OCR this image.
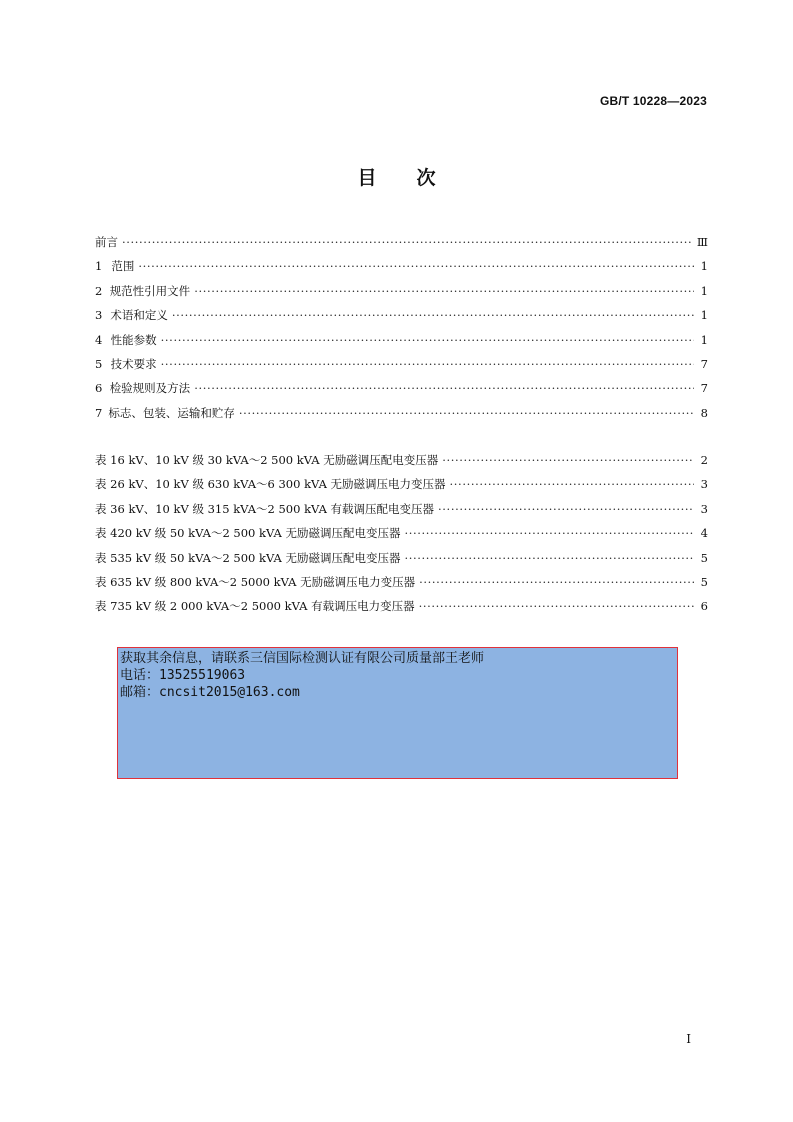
GB/T 10228—2023
目次
前言 ·····	Ⅲ
1 范围 ·····	1
2 规范性引用文件 ·····	1
3 术语和定义 ·····	1
4 性能参数 ·····	1
5 技术要求 ·····	7
6 检验规则及方法 ·····	7
7 标志、包装、运输和贮存 ·····	8
表 1 6 kV、10 kV 级 30 kVA～2 500 kVA 无励磁调压配电变压器 ·····	2
表 2 6 kV、10 kV 级 630 kVA～6 300 kVA 无励磁调压电力变压器 ·····	3
表 3 6 kV、10 kV 级 315 kVA～2 500 kVA 有载调压配电变压器 ·····	3
表 4 20 kV 级 50 kVA～2 500 kVA 无励磁调压配电变压器 ·····	4
表 5 35 kV 级 50 kVA～2 500 kVA 无励磁调压配电变压器 ·····	5
表 6 35 kV 级 800 kVA～2 5000 kVA 无励磁调压电力变压器 ·····	5
表 7 35 kV 级 2 000 kVA～2 5000 kVA 有载调压电力变压器 ·····	6
获取其余信息，请联系三信国际检测认证有限公司质量部王老师
电话：13525519063
邮箱：cncsit2015@163.com
I
